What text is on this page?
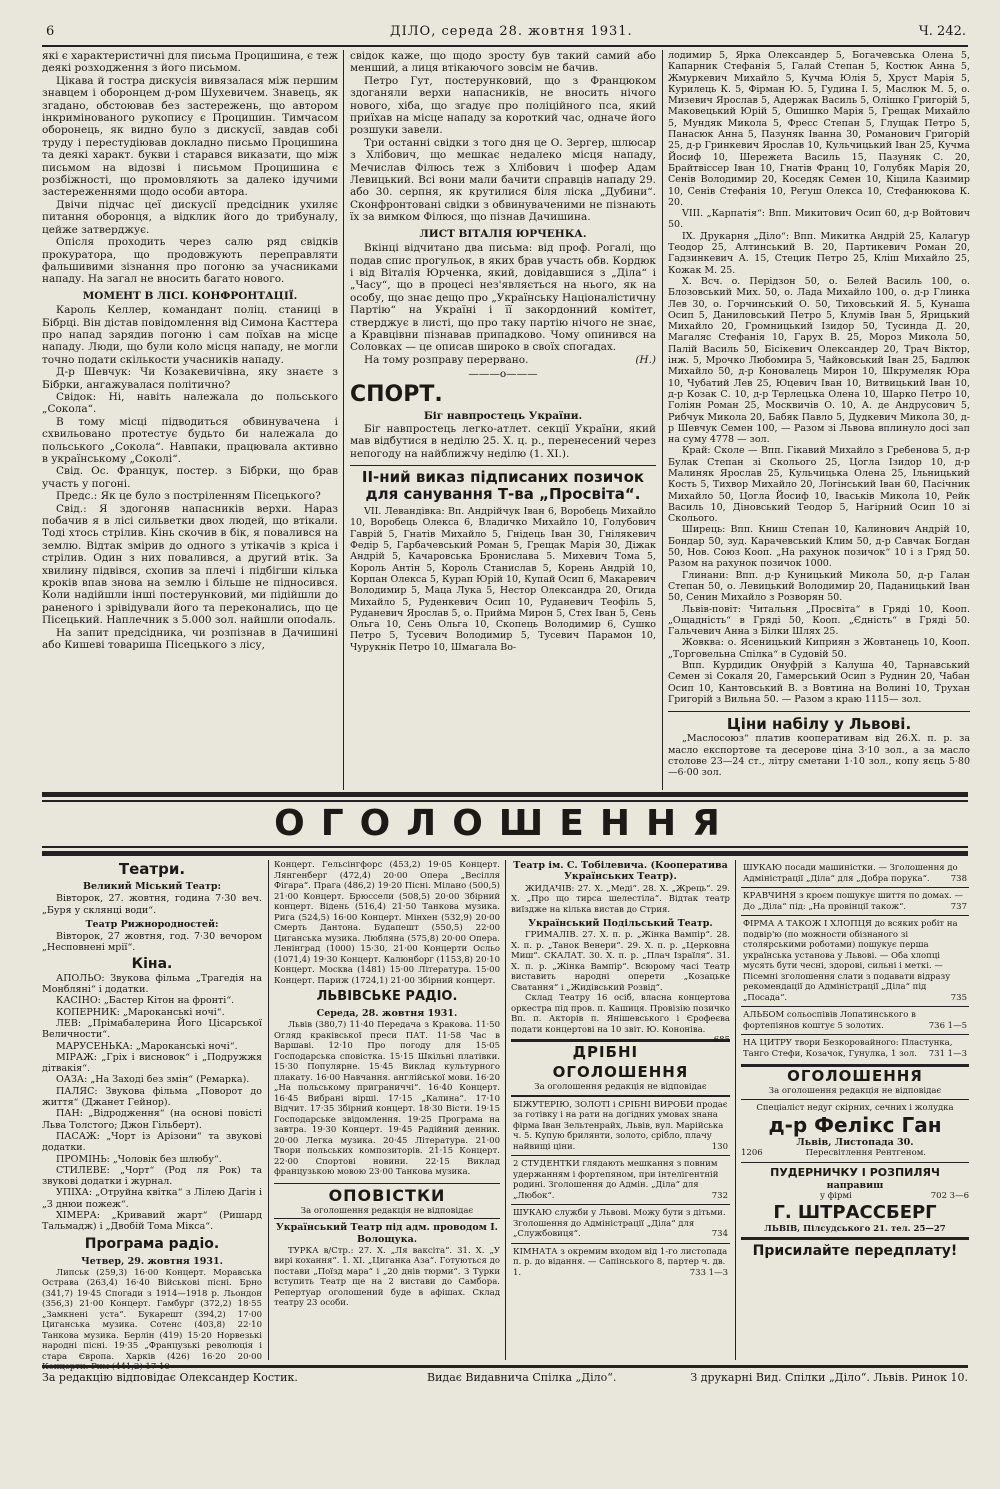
6	ДІЛО, середа 28. жовтня 1931.	Ч. 242.

які є характеристичні для письма Процишина, є теж деякі розходження з його письмом.

Цікава й гостра дискусія вивязалася між першим знавцем і оборонцем д-ром Шухевичем. Знавець, як згадано, обстоював без застережень, що автором інкримінованого рукопису є Процишин. Тимчасом оборонець, як видно було з дискусії, завдав собі труду і перестудіював докладно письмо Процишина та деякі характ. букви і старався виказати, що між письмом на відозві і письмом Процишина є розбіжності, що промовляють за далеко ідучими застереженнями щодо особи автора.

Двічи підчас цеї дискусії предсідник ухиляє питання оборонця, а відклик його до трибуналу, цейже затверджує.

Опісля проходить через салю ряд свідків прокуратора, що продовжують переправляти фальшивими зізнання про погоню за учасниками нападу. На загал не вносить багато нового.

МОМЕНТ В ЛІСІ. КОНФРОНТАЦІЇ.

Кароль Келлер, командант поліц. станиці в Бібрці. Він дістав повідомлення від Симона Касттера про напад зарядив погоню і сам поїхав на місце нападу. Люди, що були коло місця нападу, не могли точно подати скількости учасників нападу.

Д-р Шевчук: Чи Козакевичівна, яку знаєте з Бібрки, ангажувалася політично?

Свідок: Ні, навіть належала до польського „Сокола“.

В тому місці підводиться обвинувачена і схвильовано протестує будьто би належала до польського „Сокола“. Навпаки, працювала активно в українському „Соколі“.

Свід. Ос. Францук, постер. з Бібрки, що брав участь у погоні.

Предс.: Як це було з постріленням Пісецького?

Свід.: Я здогоняв напасників верхи. Нараз побачив я в лісі сильветки двох людей, що втікали. Тоді хтось стрілив. Кінь скочив в бік, я повалився на землю. Відтак змірив до одного з утікачів з кріса і стрілив. Один з них повалився, а другий втік. За хвилину підвівся, схопив за плечі і підбігши кілька кроків впав знова на землю і більше не підносився. Коли надійшли інші постерунковий, ми підійшли до раненого і зрівідували його та переконались, що це Пісецький. Наплечник з 5.000 зол. найшли опodaль.

На запит предсідника, чи розпізнав в Дачишині або Кишеві товариша Пісецького з лісу,

свідок каже, що щодо зросту був такий самий або менший, а лиця втікаючого зовсім не бачив.

Петро Гут, постерунковий, що з Францюком здоганяли верхи напасників, не вносить нічого нового, хіба, що згадує про поліційного пса, який приїхав на місце нападу за короткий час, одначе його розшуки завели.

Три останні свідки з того дня це О. Зергер, шлюсар з Хлібович, що мешкає недалеко місця нападу, Мечислав Філюсь теж з Хлібович і шофер Адам Левицький. Всі вони мали бачити справців нападу 29. або 30. серпня, як крутилися біля ліска „Дубини“. Сконфронтовані свідки з обвинуваченими не пізнають їх за вимком Філюся, що пізнав Дачишина.

ЛИСТ ВІТАЛІЯ ЮРЧЕНКА.

Вкінці відчитано два письма: від проф. Рогалі, що подав спис прогульок, в яких брав участь обв. Кордюк і від Віталія Юрченка, який, довідавшися з „Діла“ і „Часу“, що в процесі нез'являється на нього, як на особу, що знає дещо про „Українську Націоналістичну Партію“ на Україні і її закордонний комітет, стверджує в листі, що про таку партію нічого не знає, а Кравцівни пізнавав припадково. Чому опинився на Соловках — це описав широко в своїх спогадах.

На тому розправу перервано.	(Н.)

———o———
СПОРТ.
Біг навпростець України.

Біг навпростець легко-атлет. секції України, який мав відбутися в неділю 25. Х. ц. р., перенесений через непогоду на найближчу неділю (1. XI.).

ІІ-ний виказ підписаних позичок для санування Т-ва „Просвіта“.

VII. Левандівка: Вп. Андрійчук Іван 6, Воробець Михайло 10, Воробець Олекса 6, Владичко Михайло 10, Голубович Гаврій 5, Гнатів Михайло 5, Гнідець Іван 30, Гнілякевич Федір 5, Гарбачевський Роман 5, Грещак Марія 30, Діжак Андрій 5, Качаровська Бронислава 5. Михевич Тома 5, Король Антін 5, Король Станислав 5, Корень Андрій 10, Корпан Олекса 5, Курап Юрій 10, Купай Осип 6, Макаревич Володимир 5, Маца Лука 5, Нестор Олександра 20, Огида Михайло 5, Руденкевич Осип 10, Руданевич Теофіль 5, Руданевич Ярослав 5, о. Прийма Мирон 5, Стех Іван 5, Сень Ольга 10, Сень Ольга 10, Скопець Володимир 6, Сушко Петро 5, Тусевич Володимир 5, Тусевич Парамон 10, Чурукнік Петро 10, Шмагала Во-

лодимир 5, Ярка Олександер 5, Богачевська Олена 5, Капарник Стефанія 5, Галай Степан 5, Костюк Анна 5, Жмуркевич Михайло 5, Кучма Юлія 5, Хруст Марія 5, Курилець К. 5, Фірман Ю. 5, Гудина І. 5, Маслюк М. 5, о. Мизевич Ярослав 5, Адержак Василь 5, Олішко Григорій 5, Маковецький Юрій 5, Ошишко Марія 5, Грещак Михайло 5, Мундяк Микола 5, Фресс Степан 5, Глущак Петро 5, Панасюк Анна 5, Пазуняк Іванна 30, Романович Григорій 25, д-р Гринкевич Ярослав 10, Кульчицький Іван 25, Кучма Йосиф 10, Шережета Василь 15, Пазуняк С. 20, Брайтвіссер Іван 10, Гнатів Франц 10, Голубяк Марія 20, Сенів Володимир 20, Коседяк Семен 10, Кіцила Казимир 10, Сенів Стефанія 10, Регуш Олекса 10, Стефанюкова К. 20.

VIII. „Карпатія“: Впп. Микитович Осип 60, д-р Войтович 50.

IX. Друкарня „Діло“: Впп. Микитка Андрій 25, Калагур Теодор 25, Алтинський В. 20, Партикевич Роман 20, Гадзинкевич А. 15, Стецик Петро 25, Кліш Михайло 25, Кожак М. 25.

X. Всч. о. Перідзон 50, о. Белей Василь 100, о. Блозовський Мих. 50, о. Лада Михайло 100, о. д-р Глинка Лев 30, о. Горчинський О. 50, Тиховський Я. 5, Кунаша Осип 5, Даниловський Петро 5, Клумів Іван 5, Ярицький Михайло 20, Громницький Ізидор 50, Тусинда Д. 20, Магаляс Стефанія 10, Гарух В. 25, Мороз Микола 50, Палій Василь 50, Бісікевич Олександер 20, Трач Віктор, інж. 5, Мрочко Любомира 5, Чайковський Іван 25, Бадлюк Михайло 50, д-р Коновалець Мирон 10, Шкрумеляк Юра 10, Чубатий Лев 25, Юцевич Іван 10, Витвицький Іван 10, д-р Козак С. 10, д-р Терлецька Олена 10, Шарко Петро 10, Голіян Роман 25, Москвичів О. 10, А. де Андрусович 5, Рибчук Микола 20, Бабяк Павло 5, Дудкевич Микола 30, д-р Шевчук Семен 100, — Разом зі Львова вплинуло досі зап на суму 4778 — зол.

Край: Сколе — Впп. Гікавий Михайло з Гребенова 5, д-р Булак Степан зі Сколього 25, Цогла Ізидор 10, д-р Малиняк Ярослав 25, Кульчицька Олена 25, Ільницький Кость 5, Тихвор Михайло 20, Логінський Іван 60, Пасічник Михайло 50, Цогла Йосиф 10, Іваськів Микола 10, Рейк Василь 10, Діновський Теодор 5, Нагірний Осип 10 зі Сколього.

Ширець: Впп. Книш Степан 10, Калинович Андрій 10, Бондар 50, зуд. Карачевський Клим 50, д-р Савчак Богдан 50, Нов. Союз Кооп. „На рахунок позичок“ 10 і з Гряд 50. Разом на рахунок позичок 1000.

Глинани: Впп. д-р Куницький Микола 50, д-р Галан Степан 50, о. Левицький Володимир 20, Паданицький Іван 50, Сенин Михайло з Розворян 50.

Львів-повіт: Читальня „Просвіта“ в Гряді 10, Кооп. „Ощадність“ в Гряді 50, Кооп. „Єдність“ в Гряді 50. Гальчевич Анна з Білки Шлях 25.

Жовква: о. Ясеницький Киприян з Жовтанець 10, Кооп. „Торговельна Спілка“ в Судовій 50.

Впп. Курдидик Онуфрій з Калуша 40, Тарнавський Семен зі Сокаля 20, Гамерський Осип з Руднин 20, Чабан Осип 10, Кантовський В. з Вовтина на Волині 10, Трухан Григорій з Вильна 50. — Разом з краю 1115— зол.

Ціни набілу у Львові.

„Маслосоюз“ платив кооперативам від 26.X. п. р. за масло експортове та десерове ціна 3·10 зол., а за масло столове 23—24 ст., літру сметани 1·10 зол., копу яєць 5·80—6·00 зол.

ОГОЛОШЕННЯ
Театри.
Великий Міський Театр:

Вівторок, 27. жовтня, година 7·30 веч. „Буря у склянці води“.

Театр Рижнородностей:

Вівторок, 27 жовтня, год. 7·30 вечором „Несповнені мрії“.

Кіна.

АПОЛЬО: Звукова фільма „Трагедія на Монбляні“ і додатки.

КАСІНО: „Бастер Кітон на фронті“.

КОПЕРНИК: „Мароканські ночі“.

ЛЕВ: „Прімабалерина Його Цісарської Величности“.

МАРУСЕНЬКА: „Мароканські ночі“.

МІРАЖ: „Гріх і висновок“ і „Подружжя дітвакія“.

ОАЗА: „На Заході без змін“ (Ремарка).

ПАЛЯС: Звукова фільма „Поворот до життя“ (Джанет Гейнор).

ПАН: „Відродження“ (на основі повісті Льва Толстого; Джон Гільберт).

ПАСАЖ: „Чорт із Арізони“ та звукові додатки.

ПРОМІНЬ: „Чоловік без шлюбу“.

СТИЛЕВЕ: „Чорт“ (Род ля Рок) та звукові додатки і журнал.

УПІХА: „Отруйна квітка“ з Лілею Дагін і „З днюи пожеж“.

ХІМЕРА: „Кривавий жарт“ (Ришард Тальмадж) і „Двобій Тома Мікса“.

Програма радіо.
Четвер, 29. жовтня 1931.

Липськ (259,3) 16·00 Концерт. Моравська Острава (263,4) 16·40 Військові пісні. Брно (341,7) 19·45 Спогади з 1914—1918 р. Льондон (356,3) 21·00 Концерт. Гамбург (372,2) 18·55 „Замкнені уста“. Букарешт (394,2) 17·00 Циганська музика. Сотенс (403,8) 22·10 Танкова музика. Берлін (419) 15·20 Норвезькі народні пісні. 19·35 „Французькі революція і стара Європа. Харків (426) 16·20 20·00

Концерт. Гельсінгфорс (453,2) 19·05 Концерт. Лянгенберг (472,4) 20·00 Опера „Весілля Фігара“. Прага (486,2) 19·20 Пісні. Мілано (500,5) 21·00 Концерт. Брюссели (508,5) 20·00 Збірний концерт. Відень (516,4) 21·50 Танкова музика. Рига (524,5) 16·00 Концерт. Мінхен (532,9) 20·00 Смерть Дантона. Будапешт (550,5) 22·00 Циганська музика. Любляна (575,8) 20·00 Опера. Ленінград (1000) 15·30, 21·00 Концерти Осльо (1071,4) 19·30 Концерт. Калюнборг (1153,8) 20·10 Концерт. Москва (1481) 15·00 Література. 15·00 Концерт. Париж (1724,1) 21·00 Збірний концерт.

ЛЬВІВСЬКЕ РАДІО.
Середа, 28. жовтня 1931.

Львів (380,7) 11·40 Передача з Кракова. 11·50 Огляд краківської преси ПАТ. 11·58 Час в Варшаві. 12·10 Про погоду для 15·05 Господарська сповістка. 15·15 Шкільні платівки. 15·30 Популярне. 15·45 Виклад культурного плакату. 16·00 Навчання. англійської мови. 16·20 „На польському приграниччі“. 16·40 Концерт. 16·45 Вибрані вірші. 17·15 „Калина“. 17·10 Відчит. 17·35 Збірний концерт. 18·30 Вісти. 19·15 Господарське звідомлення. 19·25 Програма на завтра. 19·30 Концерт. 19·45 Радійний денник. 20·00 Легка музика. 20·45 Література. 21·00 Твори польських композиторів. 21·15 Концерт. 22·00 Спортові новини. 22·15 Виклад французькою мовою 23·00 Танкова музика.

ОПОВІСТКИ
За оголошення редакція не відповідає
Український Театр під адм. проводом І. Волощука.

ТУРКА в/Стр.: 27. Х. „Ля ваксіта“. 31. Х. „У вирі кохання“. 1. XI. „Циганка Аза“. Готуються до постави „Поїзд мара“ і „20 днів тюрми“. З Турки вступить Театр ще на 2 вистави до Самбора. Репертуар оголошений буде в афішах. Склад театру 23 особи.

Театр ім. С. Тобілевича. (Кооператива Українських Театр).

ЖИДАЧІВ: 27. Х. „Меді“. 28. Х. „Жрець“. 29. Х. „Про що тирса шелестіла“. Відтак театр виїздже на кілька вистав до Стрия.

Український Подільський Театр.

ГРИМАЛІВ. 27. Х. п. р. „Жінка Вампір“. 28. Х. п. р. „Танок Венери“. 29. Х. п. р. „Церковна Миш“. СКАЛАТ. 30. Х. п. р. „Плач Ізраїля“. 31. Х. п. р. „Жінка Вампір“. Всюрому часі Театр виставить народні оперети „Козацьке Сватання“ і „Жидівський Розвід“.

Склад Театру 16 осіб, власна концертова оркестра під пров. п. Кашиця. Провізію позичко Вп. п. Акторів п. Янішевського і Єрофеєва подати концертові на 10 звіт. Ю. Кононіва.
685

ДРІБНІ ОГОЛОШЕННЯ
За оголошення редакція не відповідає
БІЖУТЕРІЮ, ЗОЛОТІ і СРІБНІ ВИРОБИ продає за готівку і на рати на догідних умовах знана фірма Іван Зельтенрайх, Львів, вул. Марійська ч. 5. Купую брилянти, золото, срібло, плачу найвищі ціни.	130
2 СТУДЕНТКИ глядають мешкання з повним удержанням і фортепяном, при інтелігентній родині. Зголошення до Адмін. „Діла“ для „Любок“.	732
ШУКАЮ служби у Львові. Можу бути з дітьми. Зголошення до Адміністрації „Діла“ для „Службовиця“.	734
КІМНАТА з окремим входом від 1-го листопада п. р. до відання. — Сапінського 8, партер ч. дв. 1.	733 1—3
ШУКАЮ посади машиністки. — Зголошення до Адміністрації „Діла“ для „Добра порука“. 738
КРАВЧИНЯ з кроєм пошукує шиття по домах. — До „Діла“ під: „На провінції також“.	737
ФІРМА А ТАКОЖ І ХЛОПЦЯ до всяких робіт на подвір'ю (по можности обізнаного зі столярськими роботами) пошукує перша українська установа у Львові. — Оба хлопці мусять бути чесні, здорові, сильні і меткі. — Пісемні зголошення слати з подавати відразу рекомендації до Адміністрації „Діла“ під „Посада“.	735
АЛЬБОМ сольоспівів Лопатинського в фортепіянов коштує 5 золотих.	736 1—5
НА ЦИТРУ твори Безкоровайного: Пластунка, Танго Стефи, Козачок, Гунулка, 1 зол. 731 1—3
ОГОЛОШЕННЯ
За оголошення редакція не відповідає
Спеціаліст недуг скірних, сечних і жолудка
д-р Фелікс Ган
Львів, Листопада 30.
1206	Пересвітлення Рентгеном.
ПУДЕРНИЧКУ І РОЗПИЛЯЧ
направиш
у фірмі	702 3—6
Г. ШТРАССБЕРГ
ЛЬВІВ, Пілсудського 21. тел. 25—27
Присилайте передплату!
За редакцію відповідає Олександер Костик.	Видає Видавнича Спілка „Діло“.	З друкарні Вид. Спілки „Діло“. Львів. Ринок 10.
